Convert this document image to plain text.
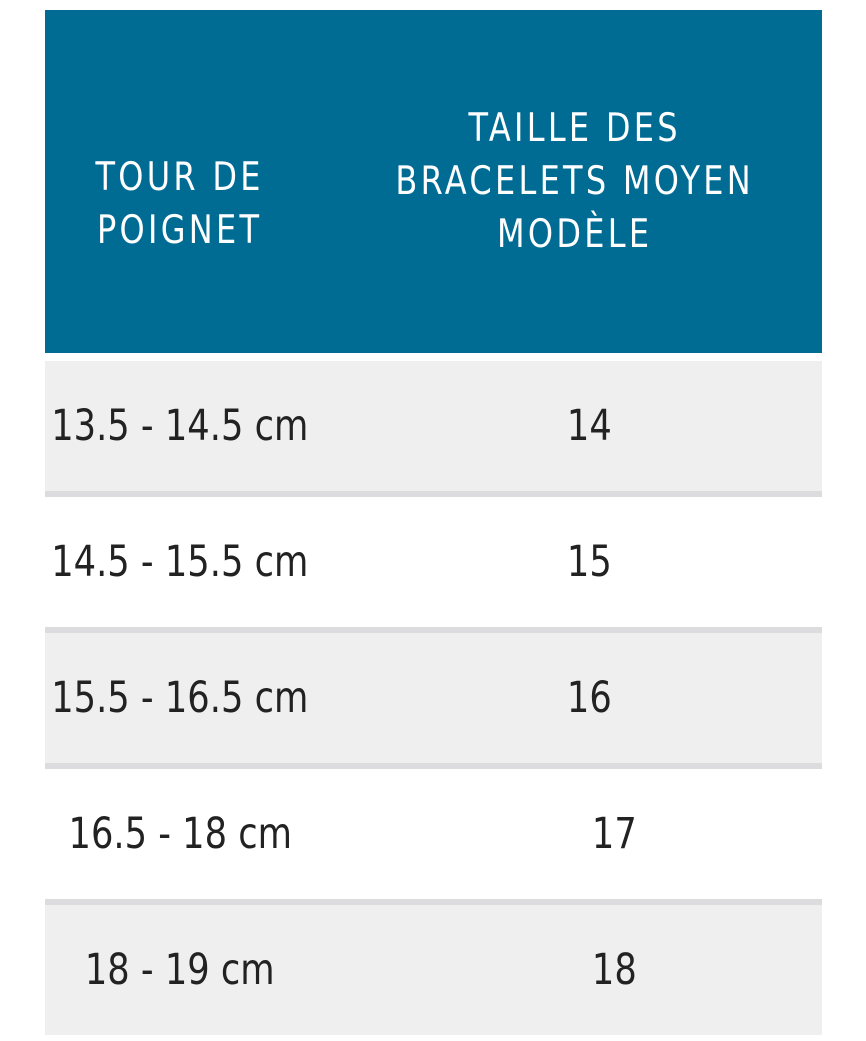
TOUR DE
POIGNET	TAILLE DES
BRACELETS MOYEN
MODÈLE

13.5 - 14.5 cm	14

14.5 - 15.5 cm	15

15.5 - 16.5 cm	16

16.5 - 18 cm	17

18 - 19 cm	18
